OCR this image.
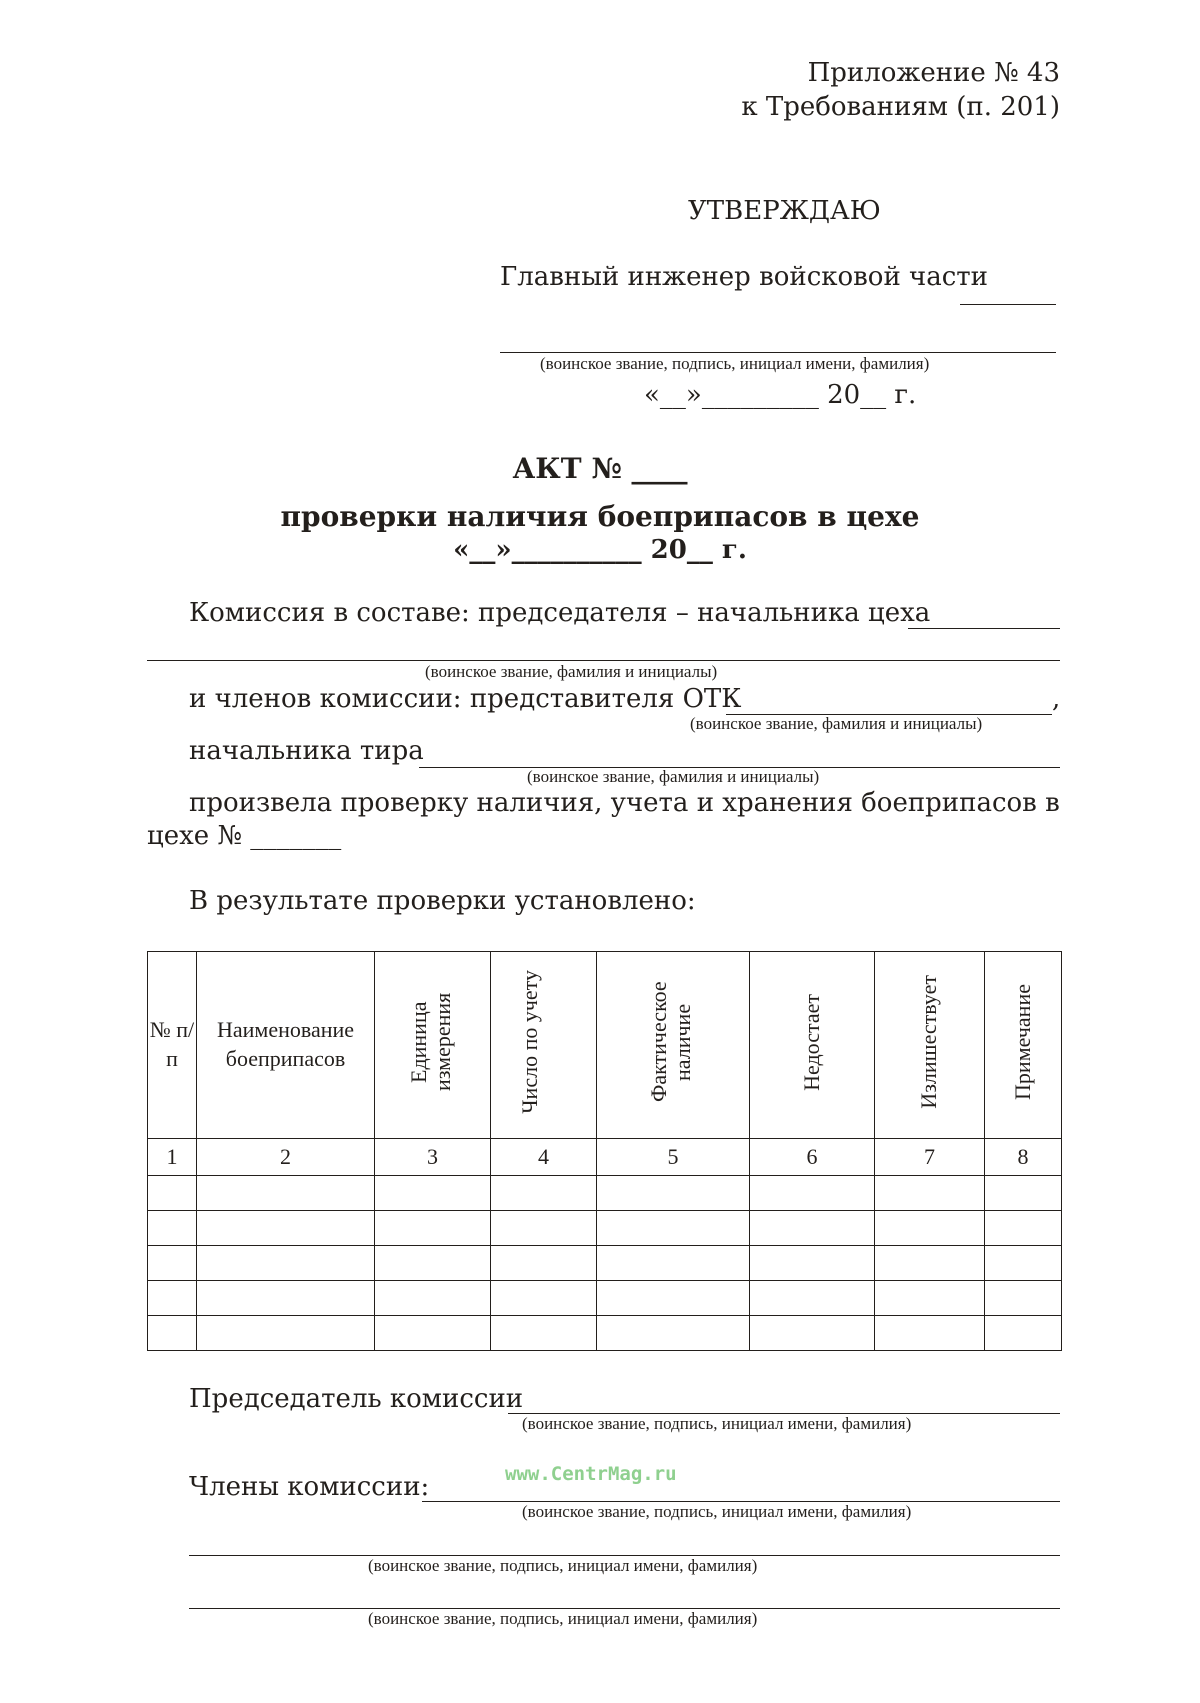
Приложение № 43
к Требованиям (п. 201)
УТВЕРЖДАЮ
Главный инженер войсковой части
(воинское звание, подпись, инициал имени, фамилия)
«__»_________ 20__ г.
АКТ № ____
проверки наличия боеприпасов в цехе
«__»__________ 20__ г.
Комиссия в составе: председателя – начальника цеха
(воинское звание, фамилия и инициалы)
и членов комиссии: представителя ОТК	,
(воинское звание, фамилия и инициалы)
начальника тира
(воинское звание, фамилия и инициалы)
произвела проверку наличия, учета и хранения боеприпасов в
цехе № _______
В результате проверки установлено:
№ п/п	Наименование боеприпасов	Единица измерения	Число по учету	Фактическое наличие	Недостает	Излишествует	Примечание
1	2	3	4	5	6	7	8

Председатель комиссии
(воинское звание, подпись, инициал имени, фамилия)
Члены комиссии:	www.CentrMag.ru
(воинское звание, подпись, инициал имени, фамилия)
(воинское звание, подпись, инициал имени, фамилия)
(воинское звание, подпись, инициал имени, фамилия)
